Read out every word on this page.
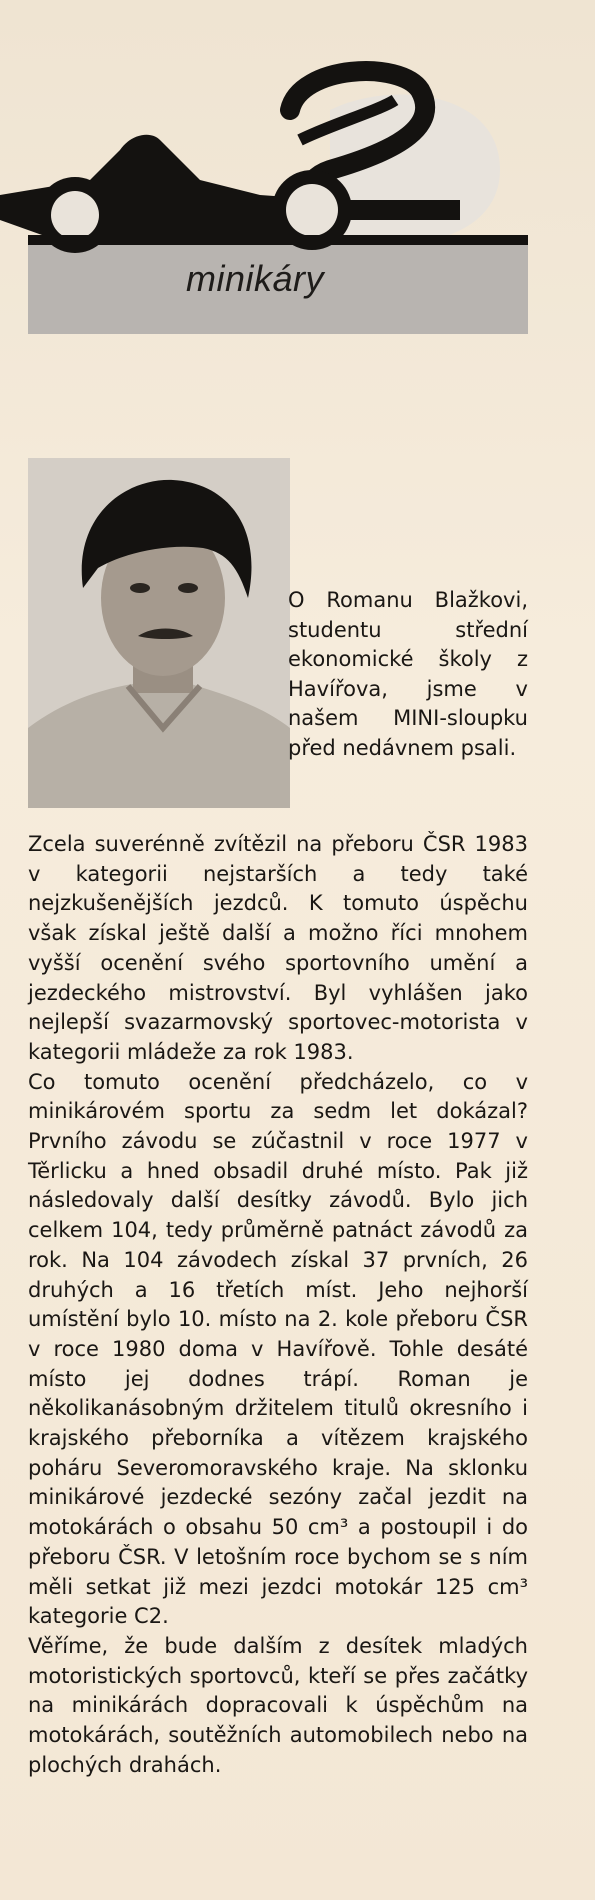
minikáry
O Romanu Blažkovi, studentu střední ekonomické školy z Havířova, jsme v našem MINI-sloupku před nedávnem psali.

Zcela suverénně zvítězil na přeboru ČSR 1983 v kategorii nejstarších a tedy také nejzkušenějších jezdců. K tomuto úspěchu však získal ještě další a možno říci mnohem vyšší ocenění svého sportovního umění a jezdeckého mistrovství. Byl vyhlášen jako nejlepší svazarmovský sportovec-motorista v kategorii mládeže za rok 1983.

Co tomuto ocenění předcházelo, co v minikárovém sportu za sedm let dokázal? Prvního závodu se zúčastnil v roce 1977 v Těrlicku a hned obsadil druhé místo. Pak již následovaly další desítky závodů. Bylo jich celkem 104, tedy průměrně patnáct závodů za rok. Na 104 závodech získal 37 prvních, 26 druhých a 16 třetích míst. Jeho nejhorší umístění bylo 10. místo na 2. kole přeboru ČSR v roce 1980 doma v Havířově. Tohle desáté místo jej dodnes trápí. Roman je několikanásobným držitelem titulů okresního i krajského přeborníka a vítězem krajského poháru Severomoravského kraje. Na sklonku minikárové jezdecké sezóny začal jezdit na motokárách o obsahu 50 cm³ a postoupil i do přeboru ČSR. V letošním roce bychom se s ním měli setkat již mezi jezdci motokár 125 cm³ kategorie C2.

Věříme, že bude dalším z desítek mladých motoristických sportovců, kteří se přes začátky na minikárách dopracovali k úspěchům na motokárách, soutěžních automobilech nebo na plochých drahách.
